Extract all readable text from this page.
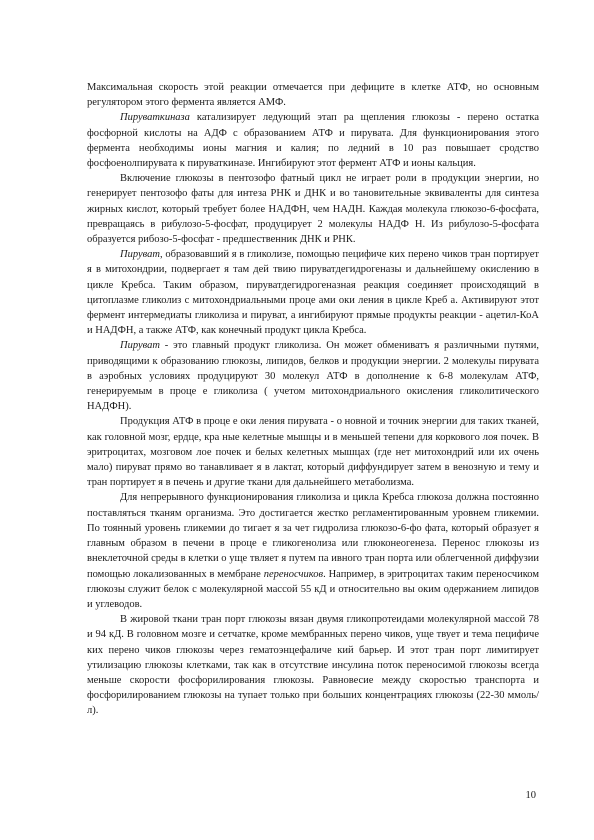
Максимальная скорость этой реакции отмечается при дефиците в клетке АТФ, но основным регулятором этого фермента является АМФ.

Пируваткиназа катализирует ледующий этап ра щепления глюкозы - перено остатка фосфорной кислоты на АДФ с образованием АТФ и пирувата. Для функционирования этого фермента необходимы ионы магния и калия; по ледний в 10 раз повышает сродство фосфоенолпирувата к пируваткиназе. Ингибируют этот фермент АТФ и ионы кальция.

Включение глюкозы в пентозофо фатный цикл не играет роли в продукции энергии, но генерирует пентозофо фаты для интеза РНК и ДНК и во тановительные эквиваленты для синтеза жирных кислот, который требует более НАДФН, чем НАДН. Каждая молекула глюкозо-6-фосфата, превращаясь в рибулозо-5-фосфат, продуцирует 2 молекулы НАДФ Н. Из рибулозо-5-фосфата образуется рибозо-5-фосфат - предшественник ДНК и РНК.

Пируват, образовавший я в гликолизе, помощью пецифиче ких перено чиков тран портирует я в митохондрии, подвергает я там дей твию пируватдегидрогеназы и дальнейшему окислению в цикле Кребса. Таким образом, пируватдегидрогеназная реакция соединяет происходящий в цитоплазме гликолиз с митохондриальными проце ами оки ления в цикле Креб а. Активируют этот фермент интермедиаты гликолиза и пируват, а ингибируют прямые продукты реакции - ацетил-КоА и НАДФН, а также АТФ, как конечный продукт цикла Кребса.

Пируват - это главный продукт гликолиза. Он может обмениватъ я различными путями, приводящими к образованию глюкозы, липидов, белков и продукции энергии. 2 молекулы пирувата в аэробных условиях продуцируют 30 молекул АТФ в дополнение к 6-8 молекулам АТФ, генерируемым в проце е гликолиза ( учетом митохондриального окисления гликолитического НАДФН).

Продукция АТФ в проце е оки ления пирувата - о новной и точник энергии для таких тканей, как головной мозг, ердце, кра ные келетные мышцы и в меньшей тепени для коркового лоя почек. В эритроцитах, мозговом лое почек и белых келетных мышцах (где нет митохондрий или их очень мало) пируват прямо во танавливает я в лактат, который диффундирует затем в венозную и тему и тран портирует я в печень и другие ткани для дальнейшего метаболизма.

Для непрерывного функционирования гликолиза и цикла Кребса глюкоза должна постоянно поставляться тканям организма. Это достигается жестко регламентированным уровнем гликемии. По тоянный уровень гликемии до тигает я за чет гидролиза глюкозо-6-фо фата, который образует я главным образом в печени в проце е гликогенолиза или глюконеогенеза. Перенос глюкозы из внеклеточной среды в клетки о уще твляет я путем па ивного тран порта или облегченной диффузии помощью локализованных в мембране переносчиков. Например, в эритроцитах таким переносчиком глюкозы служит белок с молекулярной массой 55 кД и относительно вы оким одержанием липидов и углеводов.

В жировой ткани тран порт глюкозы вязан двумя гликопротеидами молекулярной массой 78 и 94 кД. В головном мозге и сетчатке, кроме мембранных перено чиков, уще твует и тема пецифиче ких перено чиков глюкозы через гематоэнцефаличе кий барьер. И этот тран порт лимитирует утилизацию глюкозы клетками, так как в отсутствие инсулина поток переносимой глюкозы всегда меньше скорости фосфорилирования глюкозы. Равновесие между скоростью транспорта и фосфорилированием глюкозы на тупает только при больших концентрациях глюкозы (22-30 ммоль/л).

10
